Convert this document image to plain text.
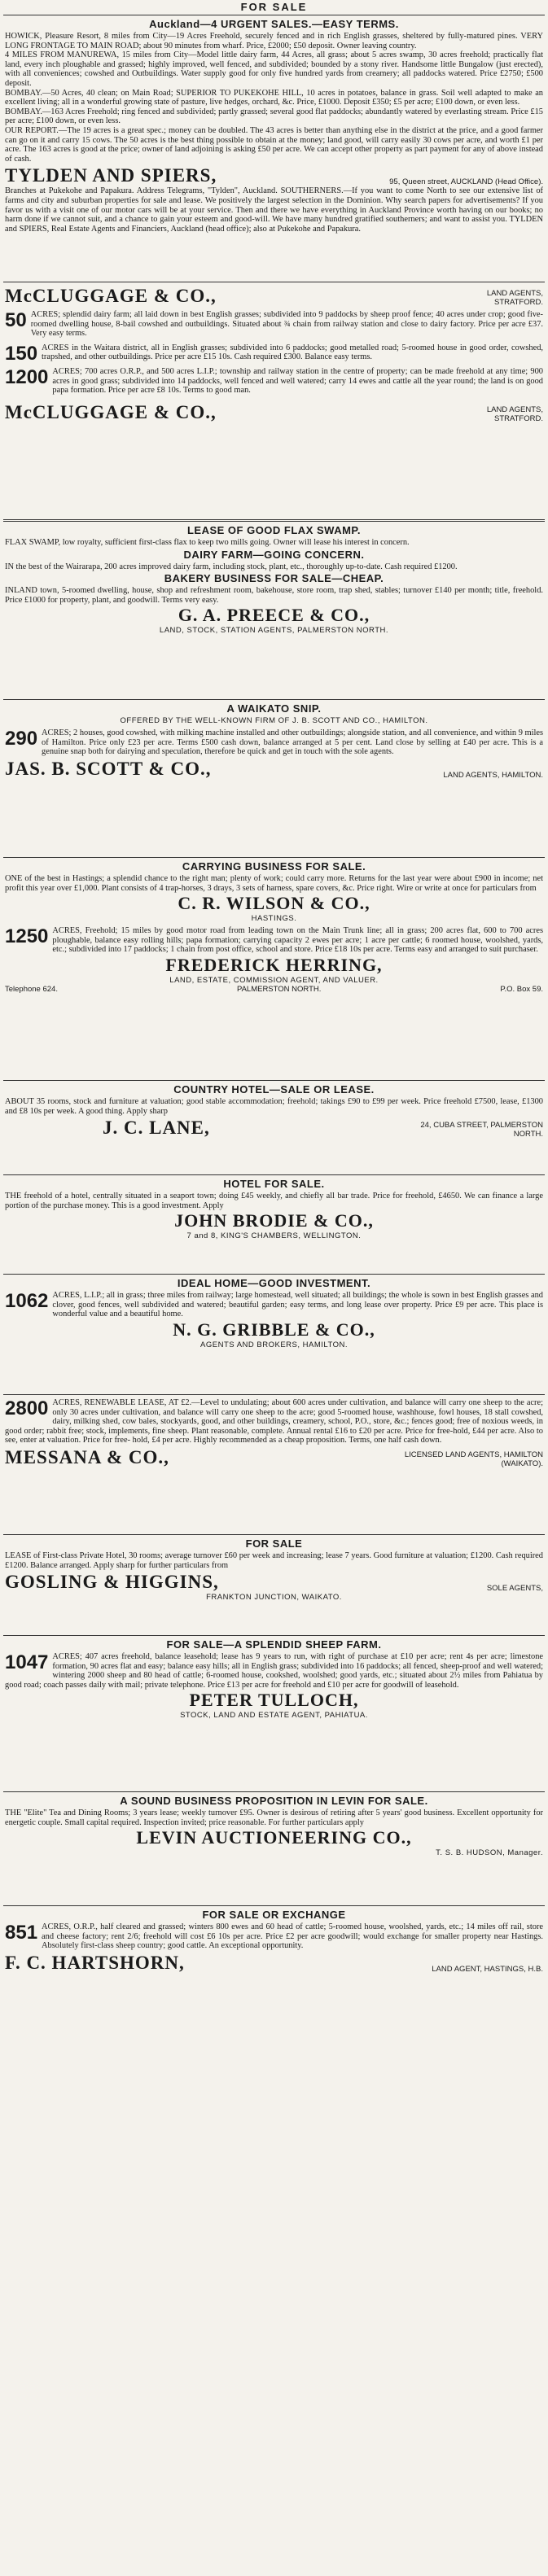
FOR SALE
Auckland—4 URGENT SALES.—EASY TERMS.

HOWICK, Pleasure Resort, 8 miles from City—19 Acres Freehold, securely fenced and in rich English grasses, sheltered by fully-matured pines. VERY LONG FRONTAGE TO MAIN ROAD; about 90 minutes from wharf. Price, £2000; £50 deposit. Owner leaving country.

4 MILES FROM MANUREWA, 15 miles from City—Model little dairy farm, 44 Acres, all grass; about 5 acres swamp, 30 acres freehold; practically flat land, every inch ploughable and grassed; highly improved, well fenced, and subdivided; bounded by a stony river. Handsome little Bungalow (just erected), with all conveniences; cowshed and Outbuildings. Water supply good for only five hundred yards from creamery; all paddocks watered. Price £2750; £500 deposit.

BOMBAY.—50 Acres, 40 clean; on Main Road; SUPERIOR TO PUKEKOHE HILL, 10 acres in potatoes, balance in grass. Soil well adapted to make an excellent living; all in a wonderful growing state of pasture, live hedges, orchard, &c. Price, £1000. Deposit £350; £5 per acre; £100 down, or even less.

BOMBAY.—163 Acres Freehold; ring fenced and subdivided; partly grassed; several good flat paddocks; abundantly watered by everlasting stream. Price £15 per acre; £100 down, or even less.

OUR REPORT.—The 19 acres is a great spec.; money can be doubled. The 43 acres is better than anything else in the district at the price, and a good farmer can go on it and carry 15 cows. The 50 acres is the best thing possible to obtain at the money; land good, will carry easily 30 cows per acre, and worth £1 per acre. The 163 acres is good at the price; owner of land adjoining is asking £50 per acre. We can accept other property as part payment for any of above instead of cash.

TYLDEN AND SPIERS,	95, Queen street, AUCKLAND (Head Office).

Branches at Pukekohe and Papakura. Address Telegrams, "Tylden", Auckland. SOUTHERNERS.—If you want to come North to see our extensive list of farms and city and suburban properties for sale and lease. We positively the largest selection in the Dominion. Why search papers for advertisements? If you favor us with a visit one of our motor cars will be at your service. Then and there we have everything in Auckland Province worth having on our books; no harm done if we cannot suit, and a chance to gain your esteem and good-will. We have many hundred gratified southerners; and want to assist you. TYLDEN and SPIERS, Real Estate Agents and Financiers, Auckland (head office); also at Pukekohe and Papakura.

McCLUGGAGE & CO.,	LAND AGENTS,
STRATFORD.
50 ACRES; splendid dairy farm; all laid down in best English grasses; subdivided into 9 paddocks by sheep proof fence; 40 acres under crop; good five-roomed dwelling house, 8-bail cowshed and outbuildings. Situated about ¾ chain from railway station and close to dairy factory. Price per acre £37. Very easy terms.

150 ACRES in the Waitara district, all in English grasses; subdivided into 6 paddocks; good metalled road; 5-roomed house in good order, cowshed, trapshed, and other outbuildings. Price per acre £15 10s. Cash required £300. Balance easy terms.

1200 ACRES; 700 acres O.R.P., and 500 acres L.I.P.; township and railway station in the centre of property; can be made freehold at any time; 900 acres in good grass; subdivided into 14 paddocks, well fenced and well watered; carry 14 ewes and cattle all the year round; the land is on good papa formation. Price per acre £8 10s. Terms to good man.

McCLUGGAGE & CO.,	LAND AGENTS,
STRATFORD.
LEASE OF GOOD FLAX SWAMP.

FLAX SWAMP, low royalty, sufficient first-class flax to keep two mills going. Owner will lease his interest in concern.

DAIRY FARM—GOING CONCERN.

IN the best of the Wairarapa, 200 acres improved dairy farm, including stock, plant, etc., thoroughly up-to-date. Cash required £1200.

BAKERY BUSINESS FOR SALE—CHEAP.

INLAND town, 5-roomed dwelling, house, shop and refreshment room, bakehouse, store room, trap shed, stables; turnover £140 per month; title, freehold. Price £1000 for property, plant, and goodwill. Terms very easy.

G. A. PREECE & CO.,
LAND, STOCK, STATION AGENTS, PALMERSTON NORTH.
A WAIKATO SNIP.
OFFERED BY THE WELL-KNOWN FIRM OF J. B. SCOTT AND CO., HAMILTON.
290 ACRES; 2 houses, good cowshed, with milking machine installed and other outbuildings; alongside station, and all convenience, and within 9 miles of Hamilton. Price only £23 per acre. Terms £500 cash down, balance arranged at 5 per cent. Land close by selling at £40 per acre. This is a genuine snap both for dairying and speculation, therefore be quick and get in touch with the sole agents.

JAS. B. SCOTT & CO.,	LAND AGENTS, HAMILTON.
CARRYING BUSINESS FOR SALE.

ONE of the best in Hastings; a splendid chance to the right man; plenty of work; could carry more. Returns for the last year were about £900 in income; net profit this year over £1,000. Plant consists of 4 trap-horses, 3 drays, 3 sets of harness, spare covers, &c. Price right. Wire or write at once for particulars from

C. R. WILSON & CO.,
HASTINGS.
1250 ACRES, Freehold; 15 miles by good motor road from leading town on the Main Trunk line; all in grass; 200 acres flat, 600 to 700 acres ploughable, balance easy rolling hills; papa formation; carrying capacity 2 ewes per acre; 1 acre per cattle; 6 roomed house, woolshed, yards, etc.; subdivided into 17 paddocks; 1 chain from post office, school and store. Price £18 10s per acre. Terms easy and arranged to suit purchaser.

FREDERICK HERRING,
LAND, ESTATE, COMMISSION AGENT, AND VALUER.
Telephone 624.	PALMERSTON NORTH.	P.O. Box 59.
COUNTRY HOTEL—SALE OR LEASE.

ABOUT 35 rooms, stock and furniture at valuation; good stable accommodation; freehold; takings £90 to £99 per week. Price freehold £7500, lease, £1300 and £8 10s per week. A good thing. Apply sharp

J. C. LANE,	24, CUBA STREET, PALMERSTON NORTH.
HOTEL FOR SALE.

THE freehold of a hotel, centrally situated in a seaport town; doing £45 weekly, and chiefly all bar trade. Price for freehold, £4650. We can finance a large portion of the purchase money. This is a good investment. Apply

JOHN BRODIE & CO.,
7 and 8, KING'S CHAMBERS, WELLINGTON.
IDEAL HOME—GOOD INVESTMENT.
1062 ACRES, L.I.P.; all in grass; three miles from railway; large homestead, well situated; all buildings; the whole is sown in best English grasses and clover, good fences, well subdivided and watered; beautiful garden; easy terms, and long lease over property. Price £9 per acre. This place is wonderful value and a beautiful home.

N. G. GRIBBLE & CO.,
AGENTS AND BROKERS, HAMILTON.
2800 ACRES, RENEWABLE LEASE, AT £2.—Level to undulating; about 600 acres under cultivation, and balance will carry one sheep to the acre; only 30 acres under cultivation, and balance will carry one sheep to the acre; good 5-roomed house, washhouse, fowl houses, 18 stall cowshed, dairy, milking shed, cow bales, stockyards, good, and other buildings, creamery, school, P.O., store, &c.; fences good; free of noxious weeds, in good order; rabbit free; stock, implements, fine sheep. Plant reasonable, complete. Annual rental £16 to £20 per acre. Price for free-hold, £44 per acre. Also to see, enter at valuation. Price for free- hold, £4 per acre. Highly recommended as a cheap proposition. Terms, one half cash down.

MESSANA & CO.,	LICENSED LAND AGENTS, HAMILTON (WAIKATO).
FOR SALE

LEASE of First-class Private Hotel, 30 rooms; average turnover £60 per week and increasing; lease 7 years. Good furniture at valuation; £1200. Cash required £1200. Balance arranged. Apply sharp for further particulars from

GOSLING & HIGGINS,	SOLE AGENTS,
FRANKTON JUNCTION, WAIKATO.
FOR SALE—A SPLENDID SHEEP FARM.
1047 ACRES; 407 acres freehold, balance leasehold; lease has 9 years to run, with right of purchase at £10 per acre; rent 4s per acre; limestone formation, 90 acres flat and easy; balance easy hills; all in English grass; subdivided into 16 paddocks; all fenced, sheep-proof and well watered; wintering 2000 sheep and 80 head of cattle; 6-roomed house, cookshed, woolshed; good yards, etc.; situated about 2½ miles from Pahiatua by good road; coach passes daily with mail; private telephone. Price £13 per acre for freehold and £10 per acre for goodwill of leasehold.

PETER TULLOCH,
STOCK, LAND AND ESTATE AGENT, PAHIATUA.
A SOUND BUSINESS PROPOSITION IN LEVIN FOR SALE.

THE "Elite" Tea and Dining Rooms; 3 years lease; weekly turnover £95. Owner is desirous of retiring after 5 years' good business. Excellent opportunity for energetic couple. Small capital required. Inspection invited; price reasonable. For further particulars apply

LEVIN AUCTIONEERING CO.,
T. S. B. HUDSON, Manager.
FOR SALE OR EXCHANGE
851 ACRES, O.R.P., half cleared and grassed; winters 800 ewes and 60 head of cattle; 5-roomed house, woolshed, yards, etc.; 14 miles off rail, store and cheese factory; rent 2/6; freehold will cost £6 10s per acre. Price £2 per acre goodwill; would exchange for smaller property near Hastings. Absolutely first-class sheep country; good cattle. An exceptional opportunity.

F. C. HARTSHORN,	LAND AGENT, HASTINGS, H.B.
